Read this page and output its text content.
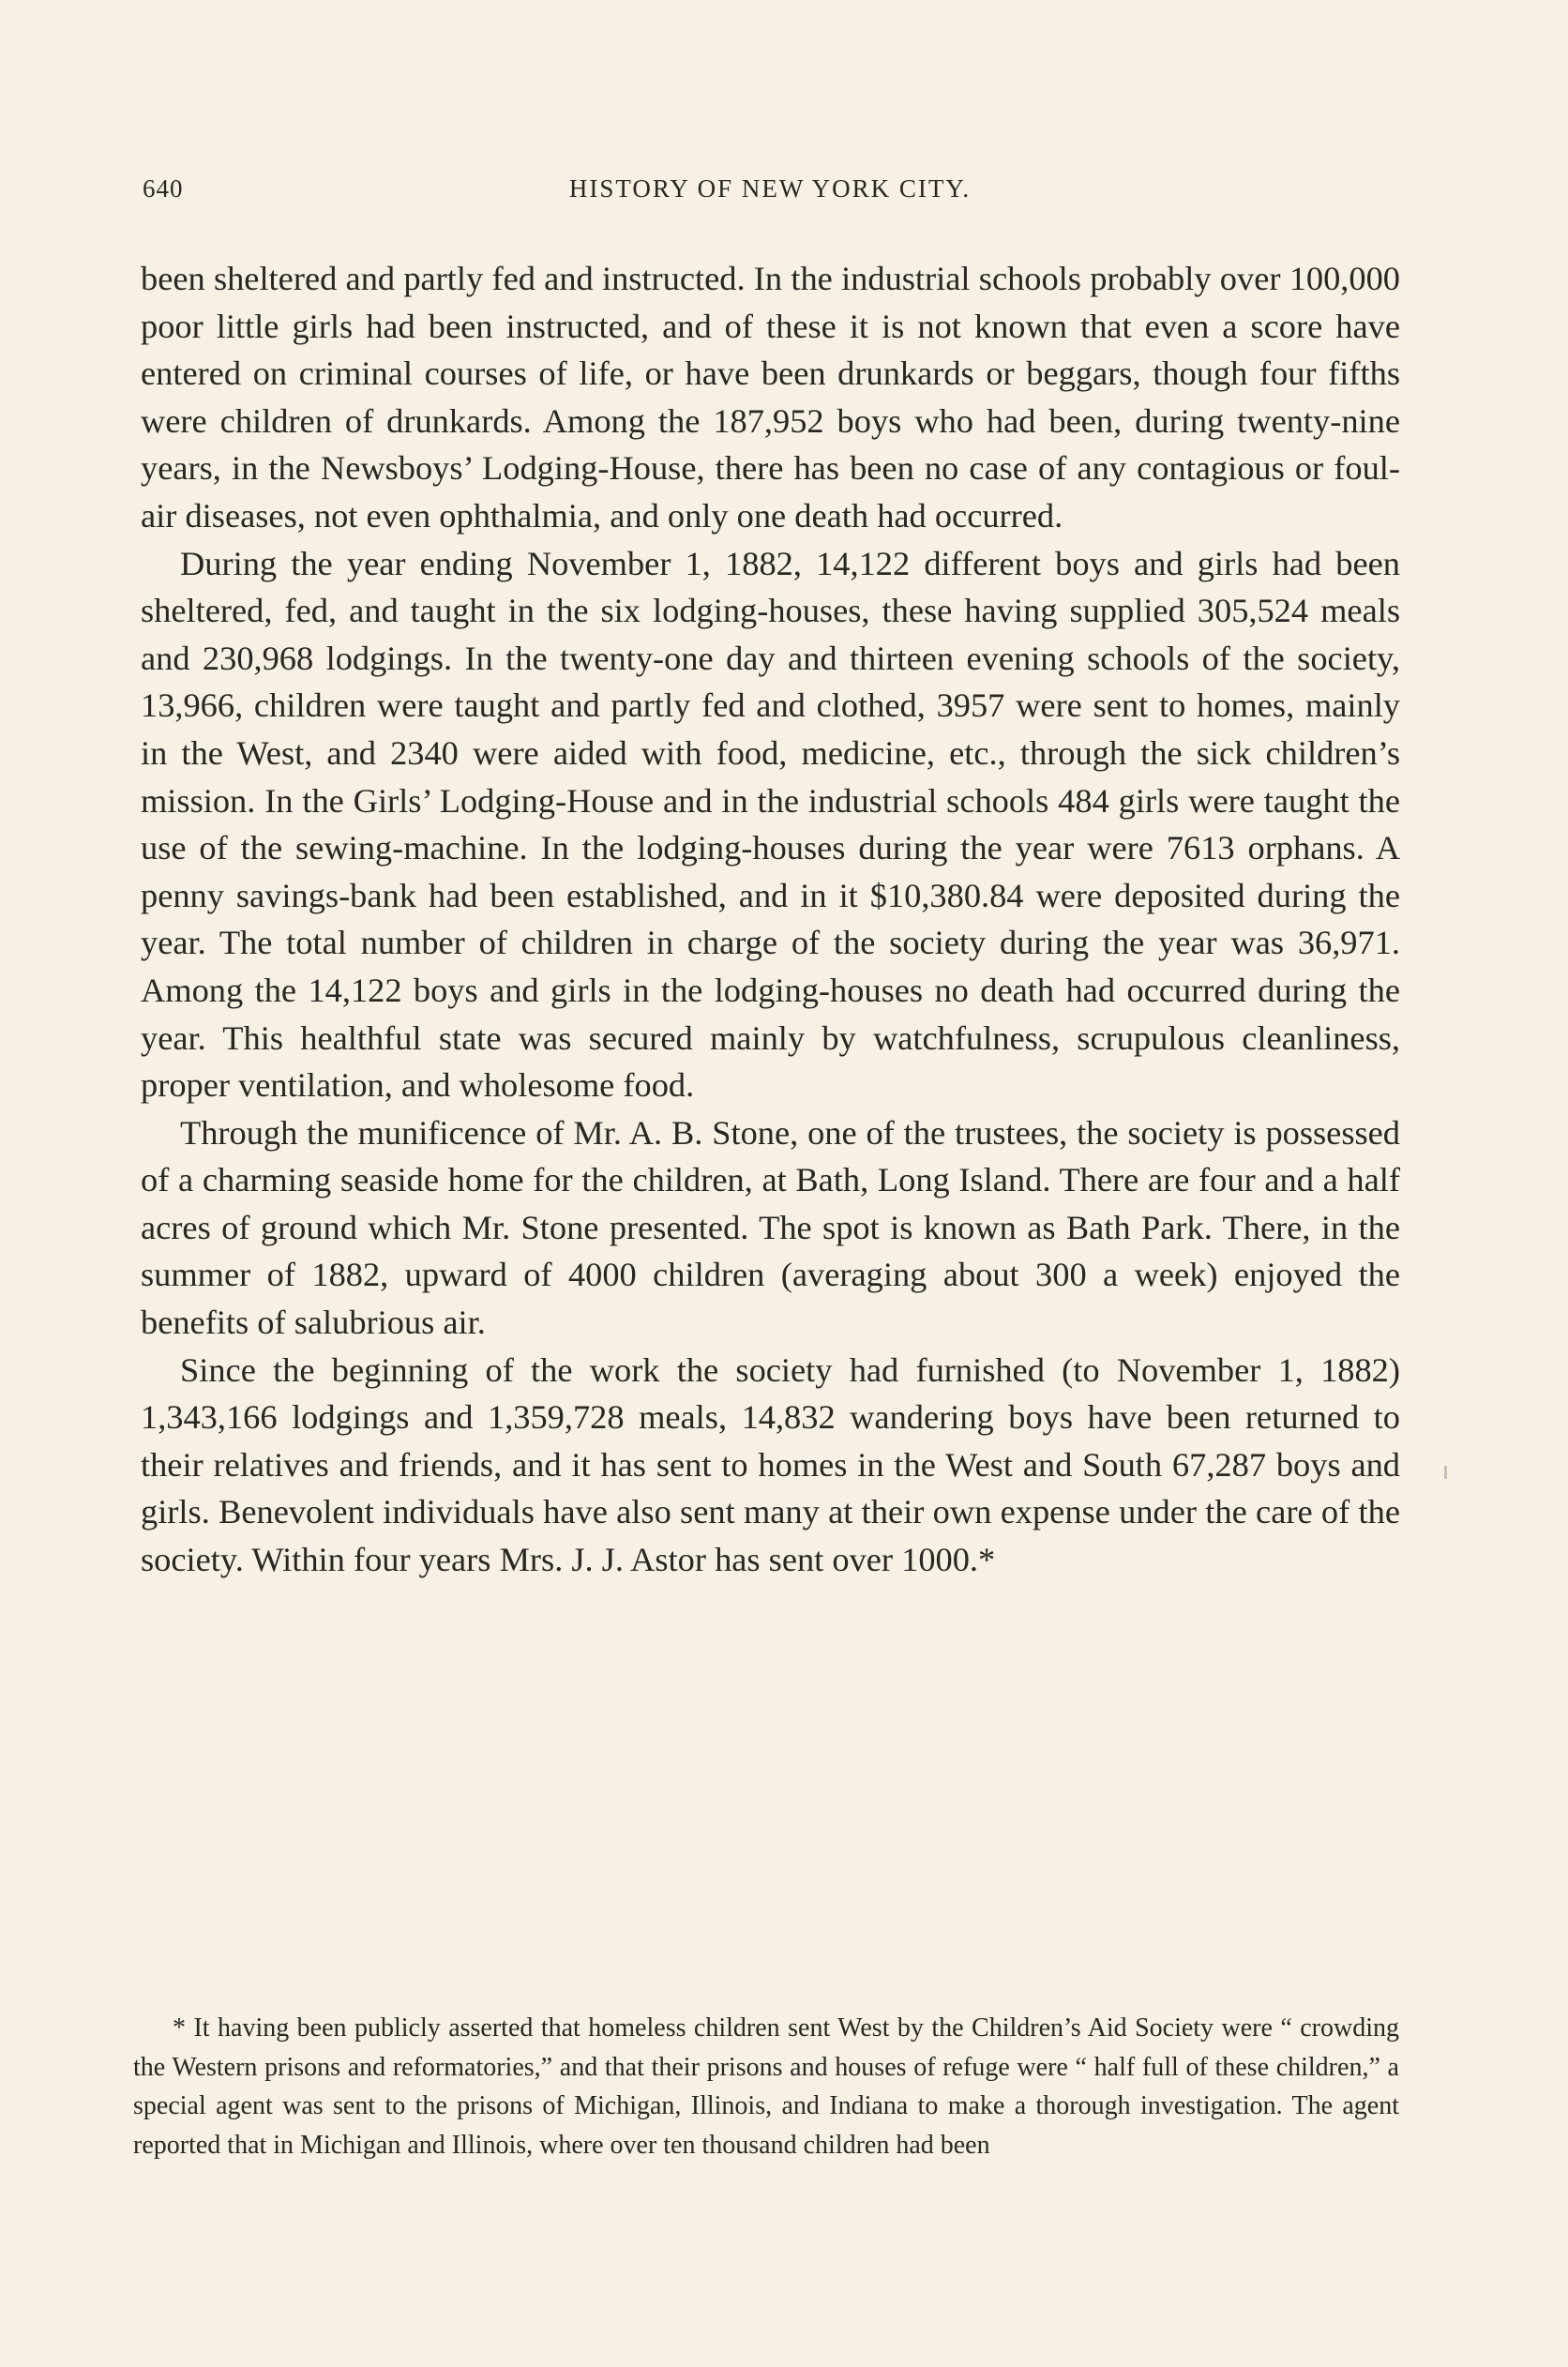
640	HISTORY OF NEW YORK CITY.

been sheltered and partly fed and instructed. In the industrial schools probably over 100,000 poor little girls had been instructed, and of these it is not known that even a score have entered on criminal courses of life, or have been drunkards or beggars, though four fifths were children of drunkards. Among the 187,952 boys who had been, during twenty-nine years, in the Newsboys’ Lodging-House, there has been no case of any contagious or foul-air diseases, not even ophthalmia, and only one death had occurred.

During the year ending November 1, 1882, 14,122 different boys and girls had been sheltered, fed, and taught in the six lodging-houses, these having supplied 305,524 meals and 230,968 lodgings. In the twenty-one day and thirteen evening schools of the society, 13,966, children were taught and partly fed and clothed, 3957 were sent to homes, mainly in the West, and 2340 were aided with food, medicine, etc., through the sick children’s mission. In the Girls’ Lodging-House and in the industrial schools 484 girls were taught the use of the sewing-machine. In the lodging-houses during the year were 7613 orphans. A penny savings-bank had been established, and in it $10,380.84 were deposited during the year. The total number of children in charge of the society during the year was 36,971. Among the 14,122 boys and girls in the lodging-houses no death had occurred during the year. This healthful state was secured mainly by watchfulness, scrupulous cleanliness, proper ventilation, and wholesome food.

Through the munificence of Mr. A. B. Stone, one of the trustees, the society is possessed of a charming seaside home for the children, at Bath, Long Island. There are four and a half acres of ground which Mr. Stone presented. The spot is known as Bath Park. There, in the summer of 1882, upward of 4000 children (averaging about 300 a week) enjoyed the benefits of salubrious air.

Since the beginning of the work the society had furnished (to November 1, 1882) 1,343,166 lodgings and 1,359,728 meals, 14,832 wandering boys have been returned to their relatives and friends, and it has sent to homes in the West and South 67,287 boys and girls. Benevolent individuals have also sent many at their own expense under the care of the society. Within four years Mrs. J. J. Astor has sent over 1000.*

* It having been publicly asserted that homeless children sent West by the Children’s Aid Society were “ crowding the Western prisons and reformatories,” and that their prisons and houses of refuge were “ half full of these children,” a special agent was sent to the prisons of Michigan, Illinois, and Indiana to make a thorough investigation. The agent reported that in Michigan and Illinois, where over ten thousand children had been
